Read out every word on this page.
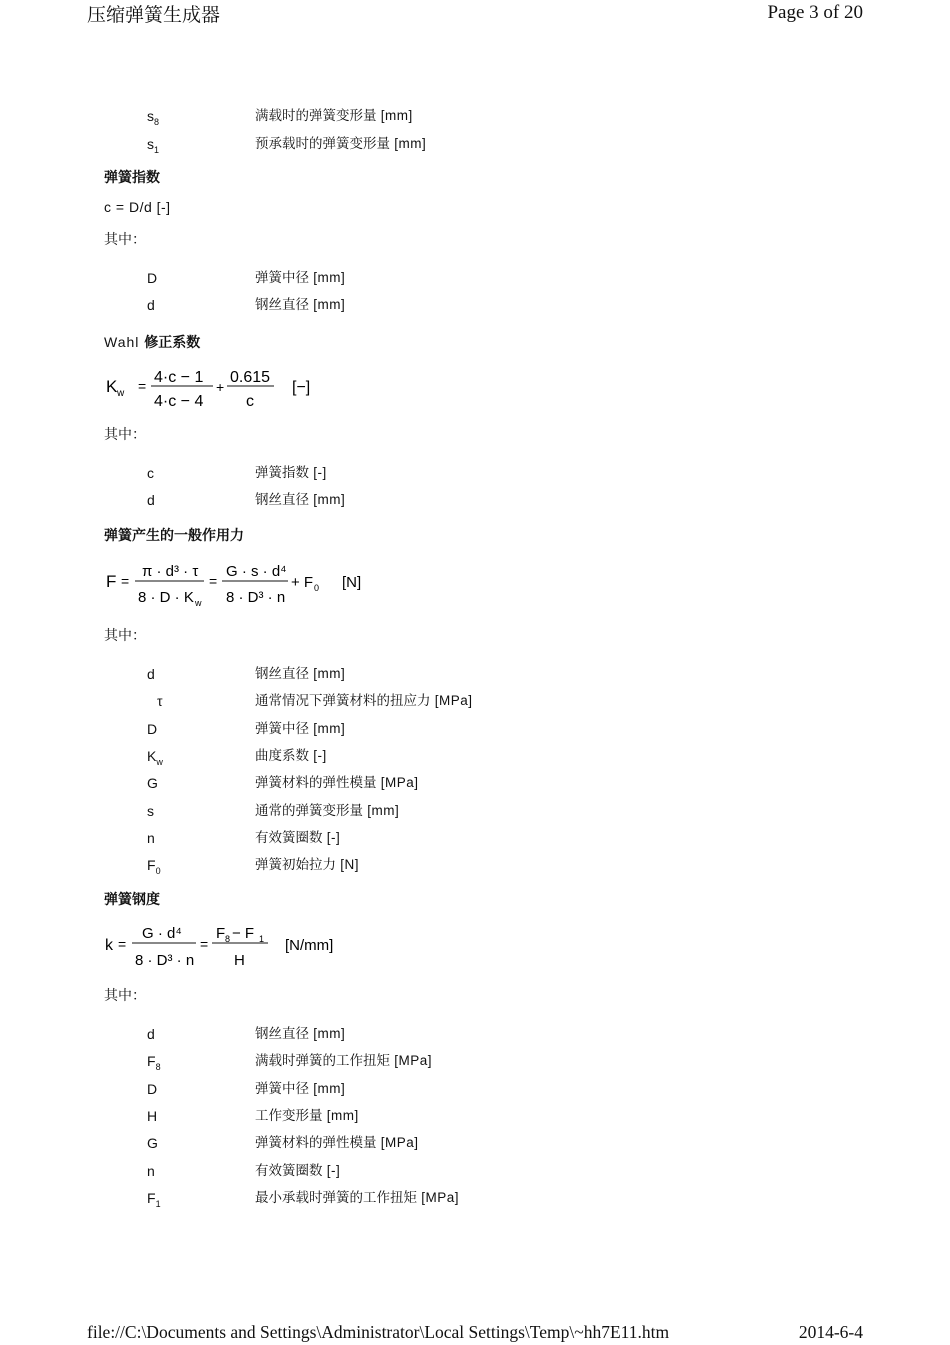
压缩弹簧生成器	Page 3 of 20
$s_8$	满载时的弹簧变形量 [mm]
$s_1$	预承载时的弹簧变形量 [mm]
弹簧指数
c = D/d [-]
其中：
D	弹簧中径 [mm]
d	钢丝直径 [mm]
Wahl 修正系数
K w = 4·c − 1
4·c − 4
+
0.615
c
[−]
其中：
c	弹簧指数 [-]
d	钢丝直径 [mm]
弹簧产生的一般作用力
F =
π · d³ · τ
8 · D · K w
=
G · s · d⁴
8 · D³ · n
+ F 0 [N]
其中：
d	钢丝直径 [mm]
τ	通常情况下弹簧材料的扭应力 [MPa]
D	弹簧中径 [mm]
$K_w$	曲度系数 [-]
G	弹簧材料的弹性模量 [MPa]
s	通常的弹簧变形量 [mm]
n	有效簧圈数 [-]
$F_0$	弹簧初始拉力 [N]
弹簧钢度
k =
G · d⁴
8 · D³ · n
=
F 8 − F 1
H
[N/mm]
其中：
d	钢丝直径 [mm]
$F_8$	满载时弹簧的工作扭矩 [MPa]
D	弹簧中径 [mm]
H	工作变形量 [mm]
G	弹簧材料的弹性模量 [MPa]
n	有效簧圈数 [-]
$F_1$	最小承载时弹簧的工作扭矩 [MPa]
file://C:\Documents and Settings\Administrator\Local Settings\Temp\~hh7E11.htm	2014-6-4
